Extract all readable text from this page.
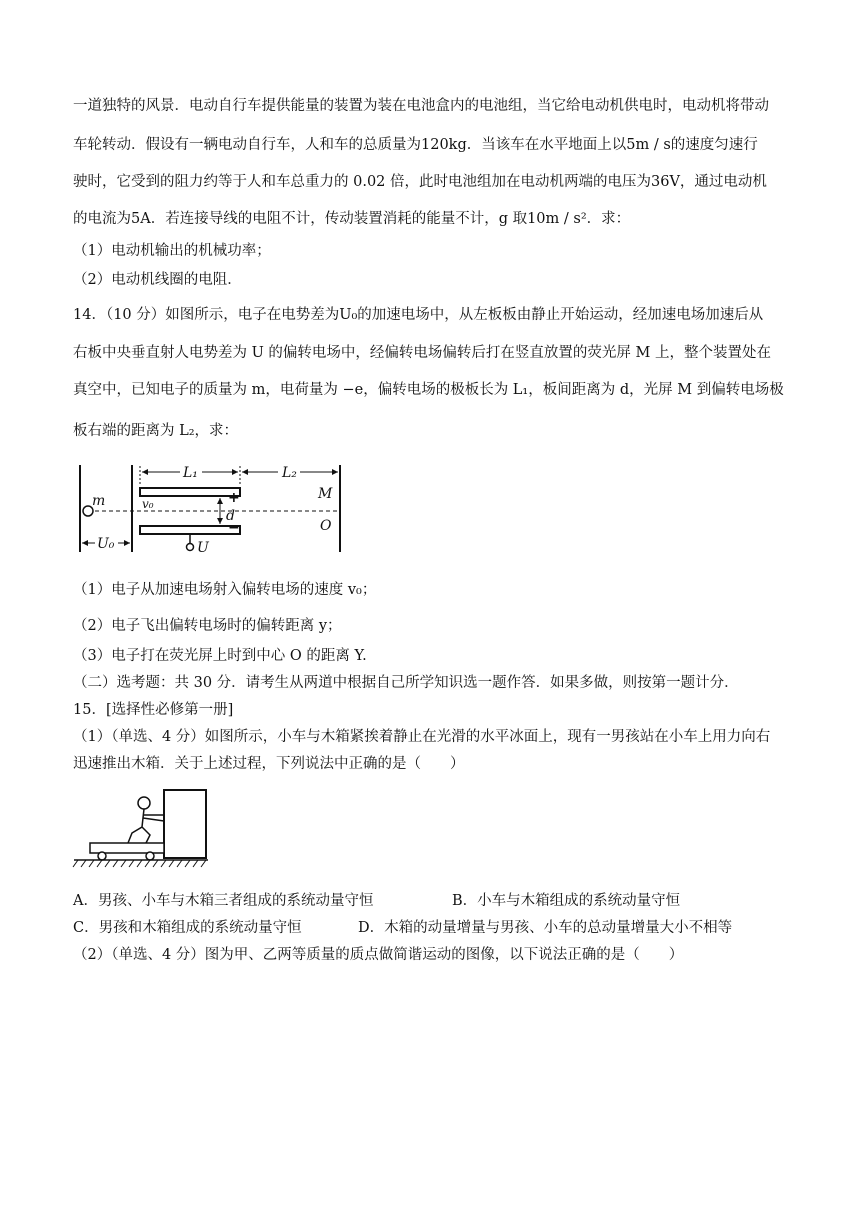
一道独特的风景．电动自行车提供能量的装置为装在电池盒内的电池组，当它给电动机供电时，电动机将带动
车轮转动．假设有一辆电动自行车，人和车的总质量为120kg．当该车在水平地面上以5m / s的速度匀速行
驶时，它受到的阻力约等于人和车总重力的 0.02 倍，此时电池组加在电动机两端的电压为36V，通过电动机
的电流为5A．若连接导线的电阻不计，传动装置消耗的能量不计，g 取10m / s²．求：
（1）电动机输出的机械功率；
（2）电动机线圈的电阻．
14．（10 分）如图所示，电子在电势差为U₀的加速电场中，从左板板由静止开始运动，经加速电场加速后从
右板中央垂直射人电势差为 U 的偏转电场中，经偏转电场偏转后打在竖直放置的荧光屏 M 上，整个装置处在
真空中，已知电子的质量为 m，电荷量为 −e，偏转电场的极板长为 L₁，板间距离为 d，光屏 M 到偏转电场极
板右端的距离为 L₂，求：
L₁	L₂
M
m	v₀
d
O
U₀	U
+
−
（1）电子从加速电场射入偏转电场的速度 v₀；
（2）电子飞出偏转电场时的偏转距离 y；
（3）电子打在荧光屏上时到中心 O 的距离 Y.
（二）选考题：共 30 分．请考生从两道中根据自己所学知识选一题作答．如果多做，则按第一题计分．
15．[选择性必修第一册]
（1）（单选、4 分）如图所示，小车与木箱紧挨着静止在光滑的水平冰面上，现有一男孩站在小车上用力向右
迅速推出木箱．关于上述过程，下列说法中正确的是（　　）
A．男孩、小车与木箱三者组成的系统动量守恒	B．小车与木箱组成的系统动量守恒
C．男孩和木箱组成的系统动量守恒	D．木箱的动量增量与男孩、小车的总动量增量大小不相等
（2）（单选、4 分）图为甲、乙两等质量的质点做简谐运动的图像，以下说法正确的是（　　）
